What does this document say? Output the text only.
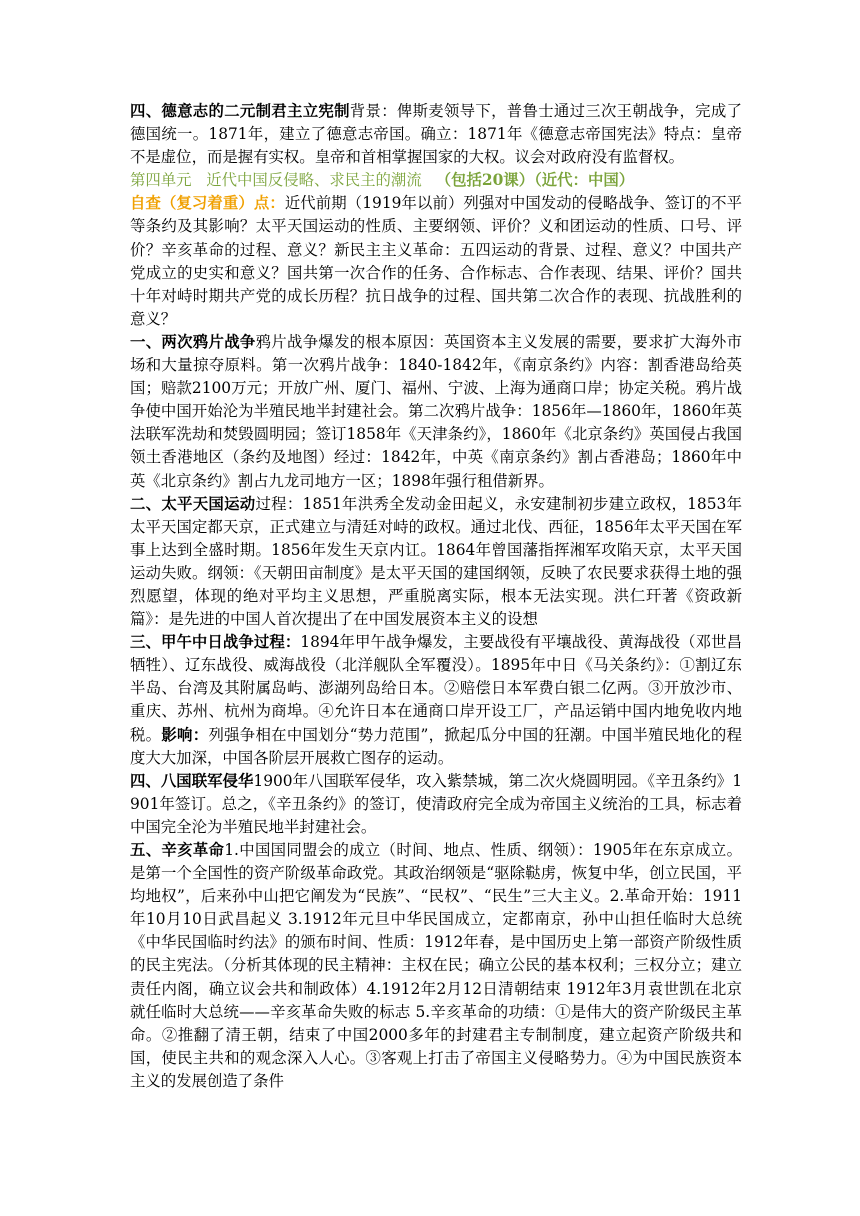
四、德意志的二元制君主立宪制背景：俾斯麦领导下，普鲁士通过三次王朝战争，完成了德国统一。1871年，建立了德意志帝国。确立：1871年《德意志帝国宪法》特点：皇帝不是虚位，而是握有实权。皇帝和首相掌握国家的大权。议会对政府没有监督权。

第四单元   近代中国反侵略、求民主的潮流 （包括20课）（近代：中国）

自查（复习着重）点：近代前期（1919年以前）列强对中国发动的侵略战争、签订的不平等条约及其影响？太平天国运动的性质、主要纲领、评价？义和团运动的性质、口号、评价？辛亥革命的过程、意义？新民主主义革命：五四运动的背景、过程、意义？中国共产党成立的史实和意义？国共第一次合作的任务、合作标志、合作表现、结果、评价？国共十年对峙时期共产党的成长历程？抗日战争的过程、国共第二次合作的表现、抗战胜利的意义？

一、两次鸦片战争鸦片战争爆发的根本原因：英国资本主义发展的需要，要求扩大海外市场和大量掠夺原料。第一次鸦片战争：1840-1842年，《南京条约》内容：割香港岛给英国；赔款2100万元；开放广州、厦门、福州、宁波、上海为通商口岸；协定关税。鸦片战争使中国开始沦为半殖民地半封建社会。第二次鸦片战争：1856年—1860年，1860年英法联军洗劫和焚毁圆明园；签订1858年《天津条约》，1860年《北京条约》英国侵占我国领土香港地区（条约及地图）经过：1842年，中英《南京条约》割占香港岛；1860年中英《北京条约》割占九龙司地方一区；1898年强行租借新界。

二、太平天国运动过程：1851年洪秀全发动金田起义，永安建制初步建立政权，1853年太平天国定都天京，正式建立与清廷对峙的政权。通过北伐、西征，1856年太平天国在军事上达到全盛时期。1856年发生天京内讧。1864年曾国藩指挥湘军攻陷天京，太平天国运动失败。纲领：《天朝田亩制度》是太平天国的建国纲领，反映了农民要求获得土地的强烈愿望，体现的绝对平均主义思想，严重脱离实际，根本无法实现。洪仁玕著《资政新篇》：是先进的中国人首次提出了在中国发展资本主义的设想

三、甲午中日战争过程：1894年甲午战争爆发，主要战役有平壤战役、黄海战役（邓世昌牺牲）、辽东战役、威海战役（北洋舰队全军覆没）。1895年中日《马关条约》：①割辽东半岛、台湾及其附属岛屿、澎湖列岛给日本。②赔偿日本军费白银二亿两。③开放沙市、重庆、苏州、杭州为商埠。④允许日本在通商口岸开设工厂，产品运销中国内地免收内地税。影响：列强争相在中国划分“势力范围”，掀起瓜分中国的狂潮。中国半殖民地化的程度大大加深，中国各阶层开展救亡图存的运动。

四、八国联军侵华1900年八国联军侵华，攻入紫禁城，第二次火烧圆明园。《辛丑条约》1901年签订。总之，《辛丑条约》的签订，使清政府完全成为帝国主义统治的工具，标志着中国完全沦为半殖民地半封建社会。

五、辛亥革命1.中国国同盟会的成立（时间、地点、性质、纲领）：1905年在东京成立。是第一个全国性的资产阶级革命政党。其政治纲领是“驱除鞑虏，恢复中华，创立民国，平均地权”，后来孙中山把它阐发为“民族”、“民权”、“民生”三大主义。2.革命开始：1911年10月10日武昌起义 3.1912年元旦中华民国成立，定都南京，孙中山担任临时大总统《中华民国临时约法》的颁布时间、性质：1912年春，是中国历史上第一部资产阶级性质的民主宪法。（分析其体现的民主精神：主权在民；确立公民的基本权利；三权分立；建立责任内阁，确立议会共和制政体）4.1912年2月12日清朝结束 1912年3月袁世凯在北京就任临时大总统——辛亥革命失败的标志 5.辛亥革命的功绩：①是伟大的资产阶级民主革命。②推翻了清王朝，结束了中国2000多年的封建君主专制制度，建立起资产阶级共和国，使民主共和的观念深入人心。③客观上打击了帝国主义侵略势力。④为中国民族资本主义的发展创造了条件
